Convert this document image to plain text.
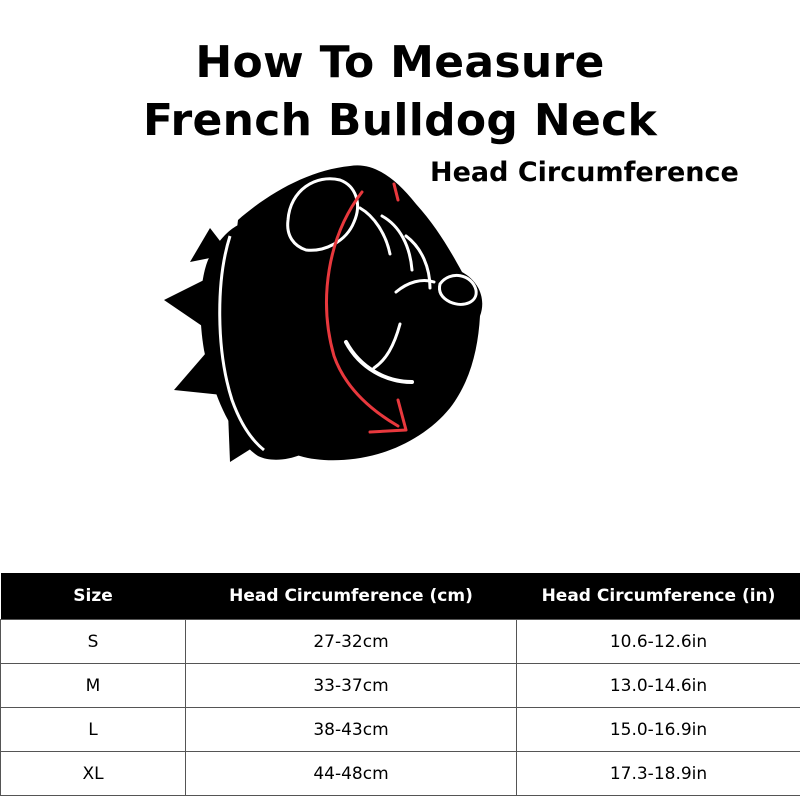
How To Measure
French Bulldog Neck
Head Circumference
Size	Head Circumference (cm)	Head Circumference (in)
S	27-32cm	10.6-12.6in
M	33-37cm	13.0-14.6in
L	38-43cm	15.0-16.9in
XL	44-48cm	17.3-18.9in
